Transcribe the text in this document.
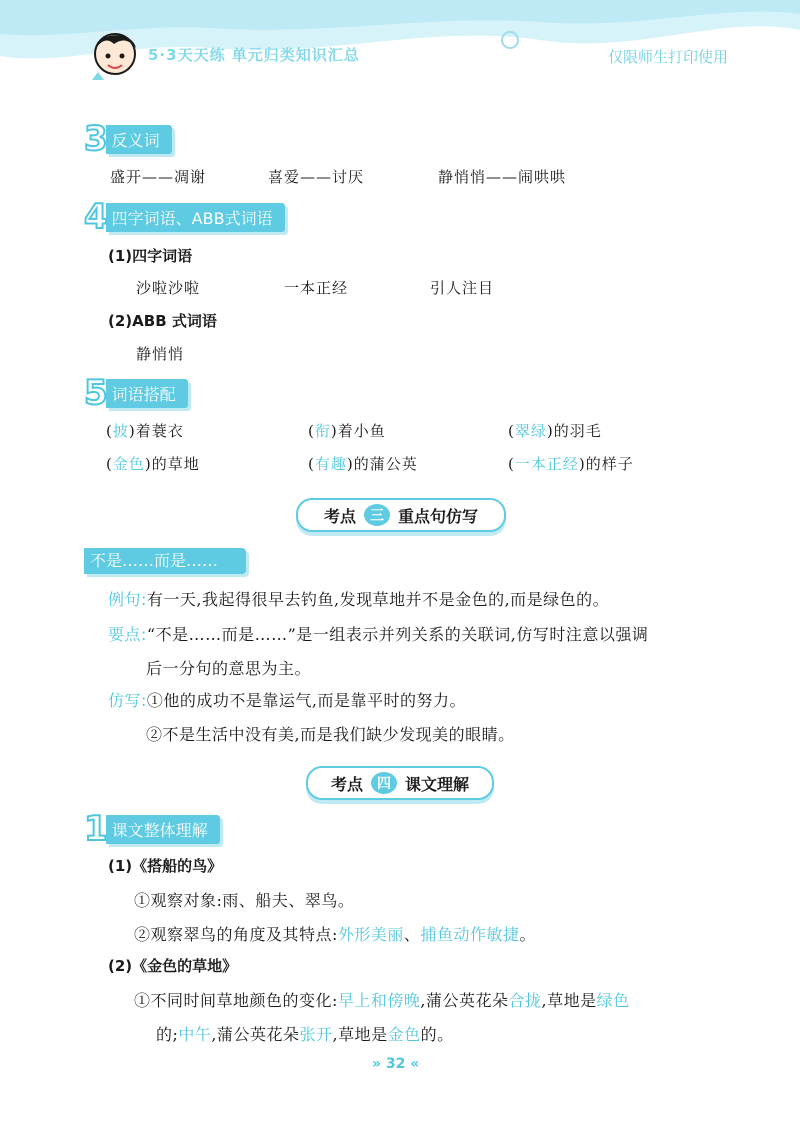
5·3天天练 单元归类知识汇总	仅限师生打印使用
3 反义词
盛开——凋谢	喜爱——讨厌	静悄悄——闹哄哄
4 四字词语、ABB式词语
(1)四字词语
沙啦沙啦	一本正经	引人注目
(2)ABB 式词语
静悄悄
5 词语搭配
(披)着蓑衣	(衔)着小鱼	(翠绿)的羽毛
(金色)的草地	(有趣)的蒲公英	(一本正经)的样子
考点	三 重点句仿写
不是……而是……
例句:有一天,我起得很早去钓鱼,发现草地并不是金色的,而是绿色的。
要点:“不是……而是……”是一组表示并列关系的关联词,仿写时注意以强调
后一分句的意思为主。
仿写:①他的成功不是靠运气,而是靠平时的努力。
②不是生活中没有美,而是我们缺少发现美的眼睛。
考点	四 课文理解
1 课文整体理解
(1)《搭船的鸟》
①观察对象:雨、船夫、翠鸟。
②观察翠鸟的角度及其特点:外形美丽、捕鱼动作敏捷。
(2)《金色的草地》
①不同时间草地颜色的变化:早上和傍晚,蒲公英花朵合拢,草地是绿色
的;中午,蒲公英花朵张开,草地是金色的。
» 32 «
